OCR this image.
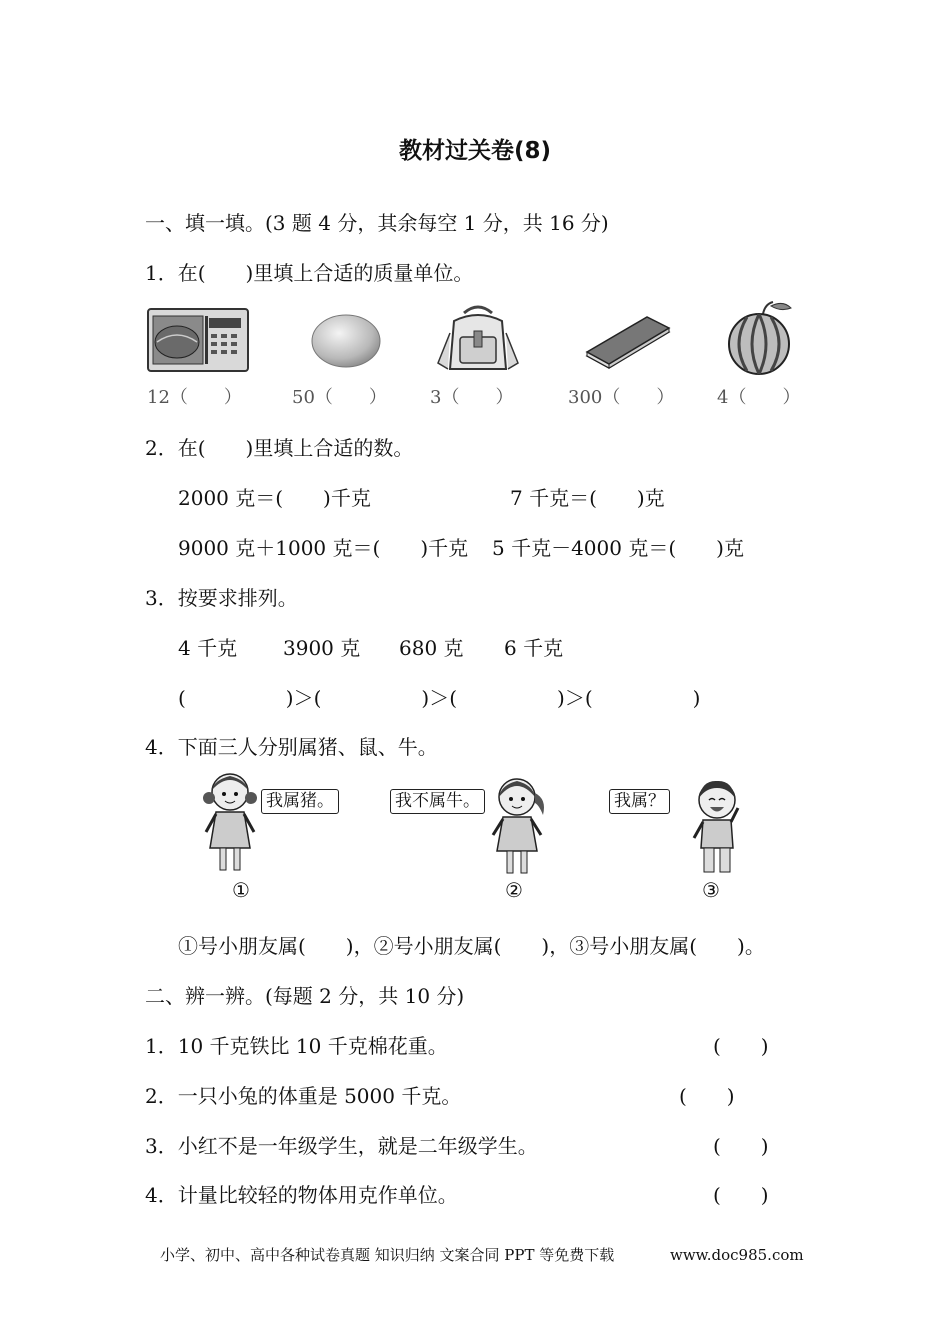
教材过关卷(8)
一、填一填。(3 题 4 分，其余每空 1 分，共 16 分)
1．在(　　)里填上合适的质量单位。
12（　　）	50（　　） 3（　　）	300（　　） 4（　　）
2．在(　　)里填上合适的数。
2000 克＝(　　)千克	7 千克＝(　　)克
9000 克＋1000 克＝(　　)千克 5 千克－4000 克＝(　　)克
3．按要求排列。
4 千克 3900 克 680 克 6 千克
(　　　　　)＞(　　　　　)＞(　　　　　)＞(　　　　　)
4．下面三人分别属猪、鼠、牛。
我属猪。
①
我不属牛。
②
我属？
③
①号小朋友属(　　)，②号小朋友属(　　)，③号小朋友属(　　)。
二、辨一辨。(每题 2 分，共 10 分)
1．10 千克铁比 10 千克棉花重。	(　　)
2．一只小兔的体重是 5000 千克。	(　　)
3．小红不是一年级学生，就是二年级学生。	(　　)
4．计量比较轻的物体用克作单位。	(　　)
小学、初中、高中各种试卷真题 知识归纳 文案合同 PPT 等免费下载	www.doc985.com
